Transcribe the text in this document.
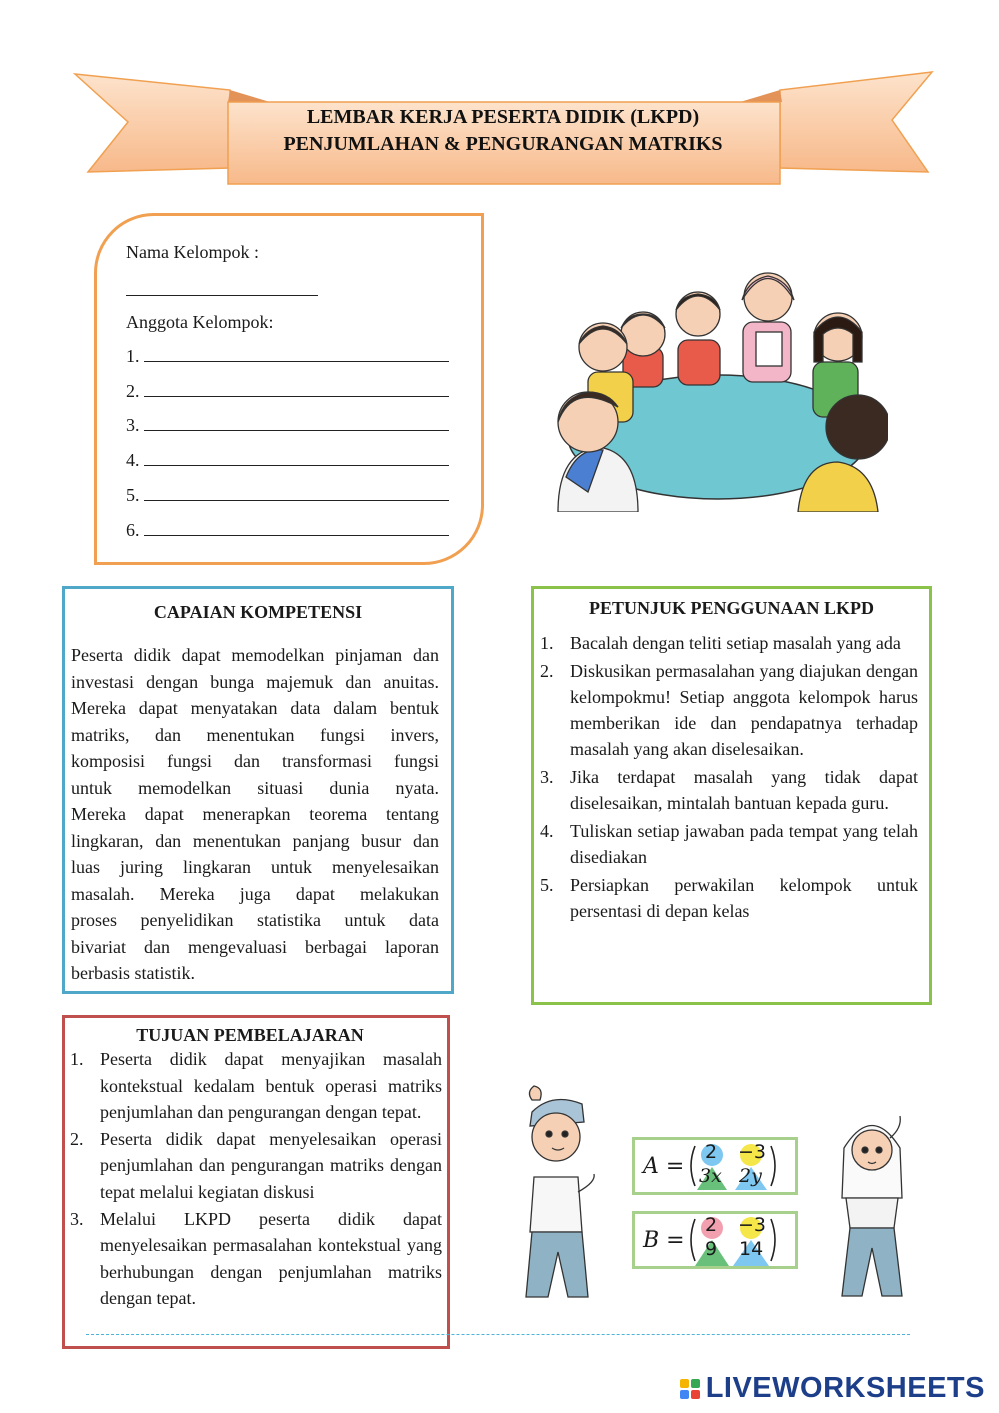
LEMBAR KERJA PESERTA DIDIK (LKPD)
PENJUMLAHAN & PENGURANGAN MATRIKS
Nama Kelompok :
Anggota Kelompok:
1.
2.
3.
4.
5.
6.
CAPAIAN KOMPETENSI
Peserta didik dapat memodelkan pinjaman dan
investasi dengan bunga majemuk dan anuitas.
Mereka dapat menyatakan data dalam bentuk
matriks, dan menentukan fungsi invers,
komposisi fungsi dan transformasi fungsi
untuk memodelkan situasi dunia nyata.
Mereka dapat menerapkan teorema tentang
lingkaran, dan menentukan panjang busur dan
luas juring lingkaran untuk menyelesaikan
masalah. Mereka juga dapat melakukan
proses penyelidikan statistika untuk data
bivariat dan mengevaluasi berbagai laporan
berbasis statistik.
PETUNJUK PENGGUNAAN LKPD
1. Bacalah dengan teliti setiap masalah yang ada
2. Diskusikan permasalahan yang diajukan dengan kelompokmu! Setiap anggota kelompok harus memberikan ide dan pendapatnya terhadap masalah yang akan diselesaikan.
3. Jika terdapat masalah yang tidak dapat diselesaikan, mintalah bantuan kepada guru.
4. Tuliskan setiap jawaban pada tempat yang telah disediakan
5. Persiapkan perwakilan kelompok untuk persentasi di depan kelas
TUJUAN PEMBELAJARAN
1. Peserta didik dapat menyajikan masalah kontekstual kedalam bentuk operasi matriks penjumlahan dan pengurangan dengan tepat.
2. Peserta didik dapat menyelesaikan operasi penjumlahan dan pengurangan matriks dengan tepat melalui kegiatan diskusi
3. Melalui LKPD peserta didik dapat menyelesaikan permasalahan kontekstual yang berhubungan dengan penjumlahan matriks dengan tepat.
A =
2 −3
3x 2y
B =
2 −3
9 14
LIVEWORKSHEETS
